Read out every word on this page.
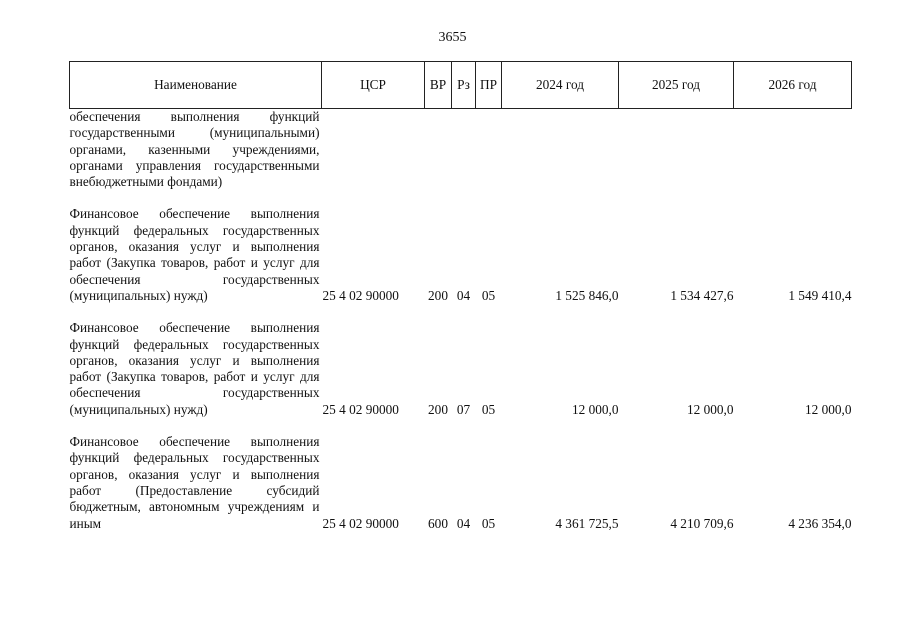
3655
Наименование	ЦСР	ВР	Рз	ПР	2024 год	2025 год	2026 год
обеспечения выполнения функций государственными (муниципальными) органами, казенными учреждениями, органами управления государственными внебюджетными фондами)							

Финансовое обеспечение выполнения функций федеральных государственных органов, оказания услуг и выполнения работ (Закупка товаров, работ и услуг для обеспечения государственных (муниципальных) нужд)	25 4 02 90000	200	04	05	1 525 846,0	1 534 427,6	1 549 410,4

Финансовое обеспечение выполнения функций федеральных государственных органов, оказания услуг и выполнения работ (Закупка товаров, работ и услуг для обеспечения государственных (муниципальных) нужд)	25 4 02 90000	200	07	05	12 000,0	12 000,0	12 000,0

Финансовое обеспечение выполнения функций федеральных государственных органов, оказания услуг и выполнения работ (Предоставление субсидий бюджетным, автономным учреждениям и иным	25 4 02 90000	600	04	05	4 361 725,5	4 210 709,6	4 236 354,0
